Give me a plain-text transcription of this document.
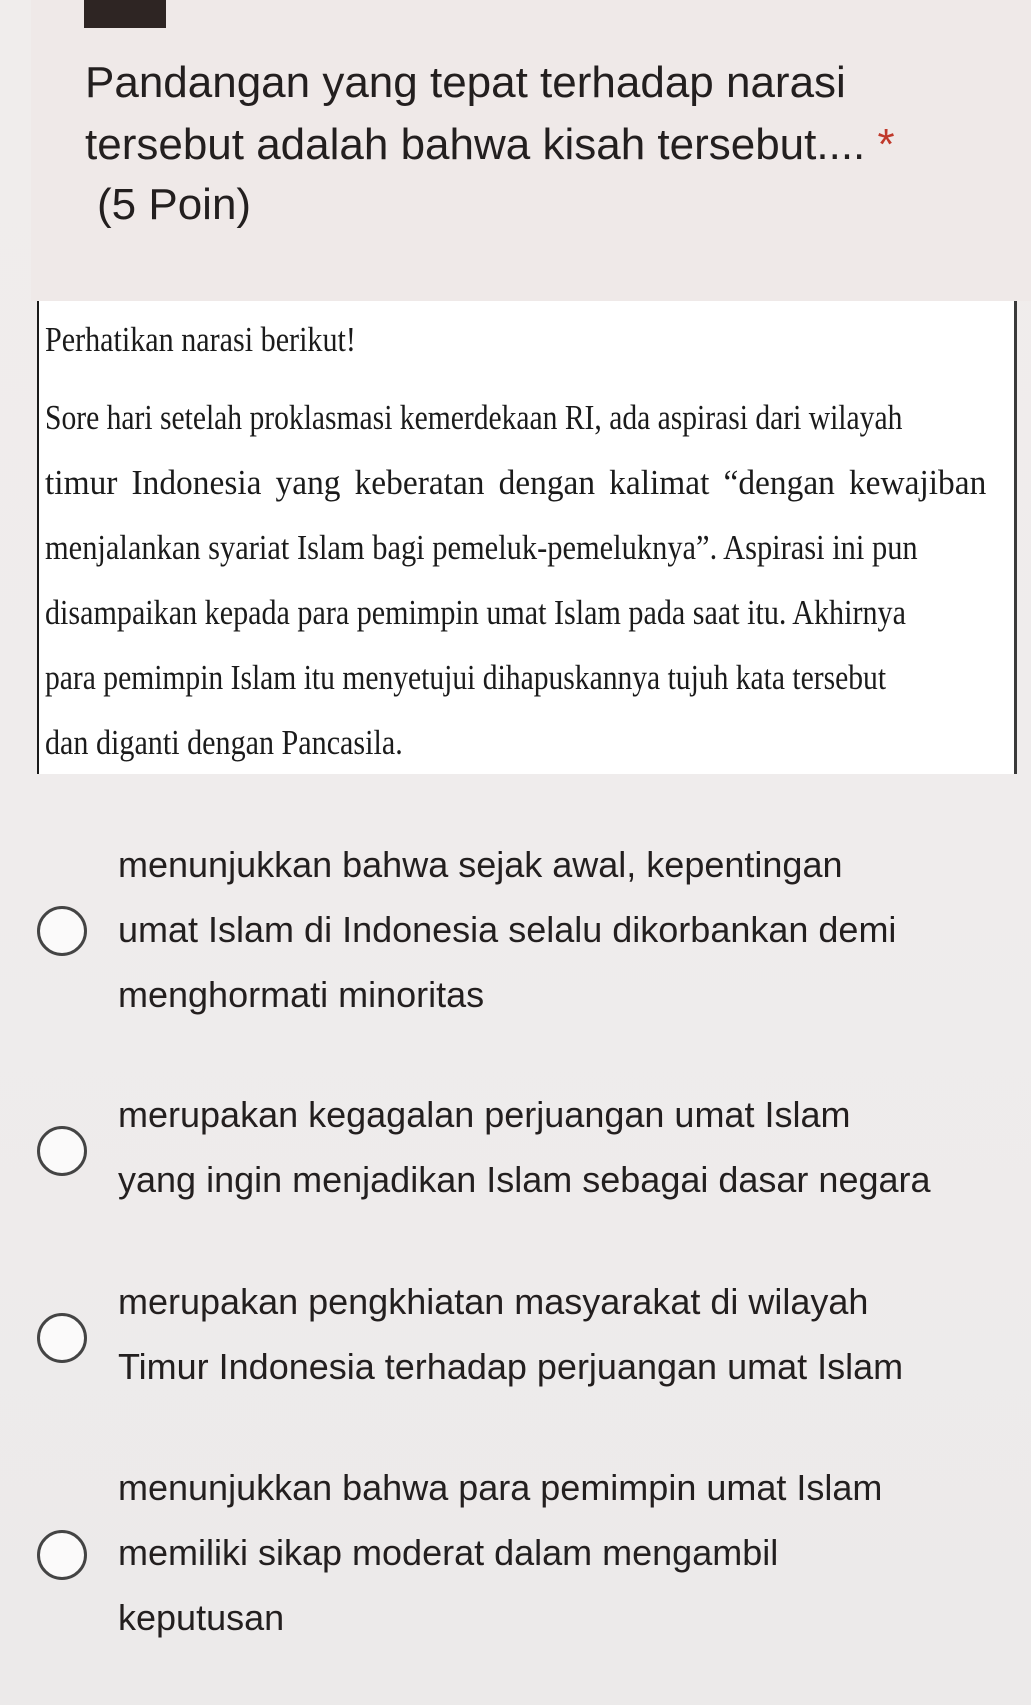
Pandangan yang tepat terhadap narasi tersebut adalah bahwa kisah tersebut.... *
(5 Poin)
Perhatikan narasi berikut!
Sore hari setelah proklasmasi kemerdekaan RI, ada aspirasi dari wilayah
timur Indonesia yang keberatan dengan kalimat “dengan kewajiban
menjalankan syariat Islam bagi pemeluk-pemeluknya”. Aspirasi ini pun
disampaikan kepada para pemimpin umat Islam pada saat itu. Akhirnya
para pemimpin Islam itu menyetujui dihapuskannya tujuh kata tersebut
dan diganti dengan Pancasila.
menunjukkan bahwa sejak awal, kepentingan
umat Islam di Indonesia selalu dikorbankan demi
menghormati minoritas
merupakan kegagalan perjuangan umat Islam
yang ingin menjadikan Islam sebagai dasar negara
merupakan pengkhiatan masyarakat di wilayah
Timur Indonesia terhadap perjuangan umat Islam
menunjukkan bahwa para pemimpin umat Islam
memiliki sikap moderat dalam mengambil
keputusan
